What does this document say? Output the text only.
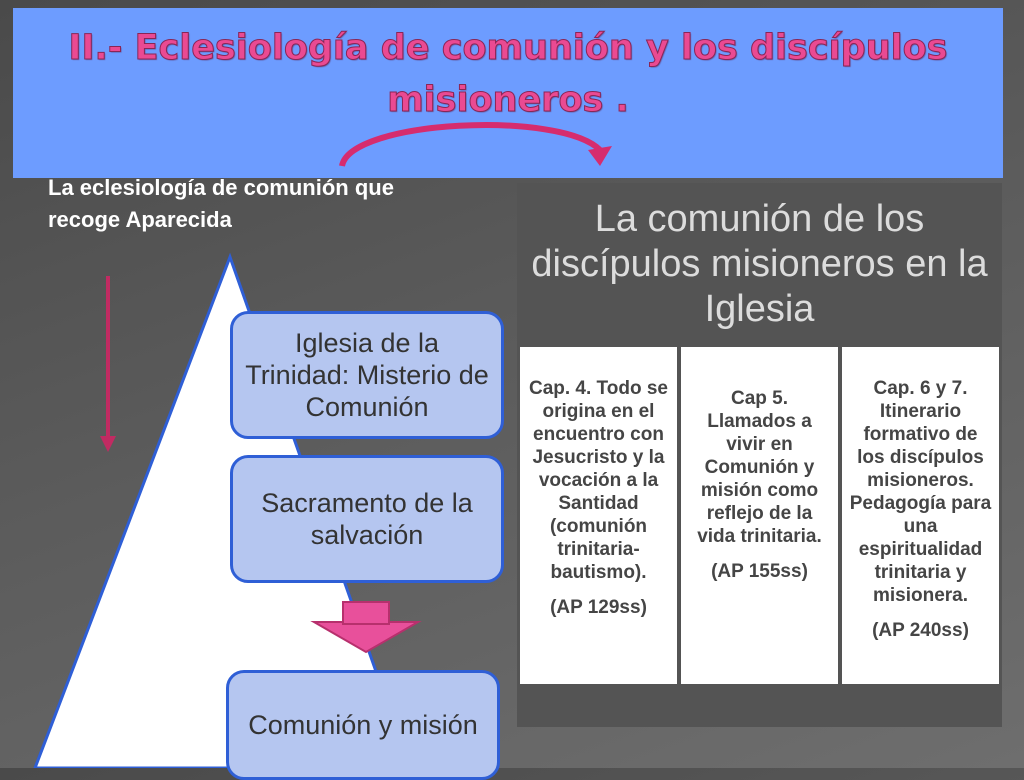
II.- Eclesiología de comunión y los discípulos misioneros .
La eclesiología de comunión que recoge Aparecida
Iglesia de la Trinidad: Misterio de Comunión
Sacramento de la salvación
Comunión y misión

La comunión de los discípulos misioneros en la Iglesia

Cap. 4. Todo se origina en el encuentro con Jesucristo y la vocación a la Santidad (comunión trinitaria-bautismo).
(AP 129ss)
Cap 5. Llamados a vivir en Comunión y misión como reflejo de la vida trinitaria.
(AP 155ss)
Cap. 6 y 7. Itinerario formativo de los discípulos misioneros. Pedagogía para una espiritualidad trinitaria y misionera.
(AP 240ss)
